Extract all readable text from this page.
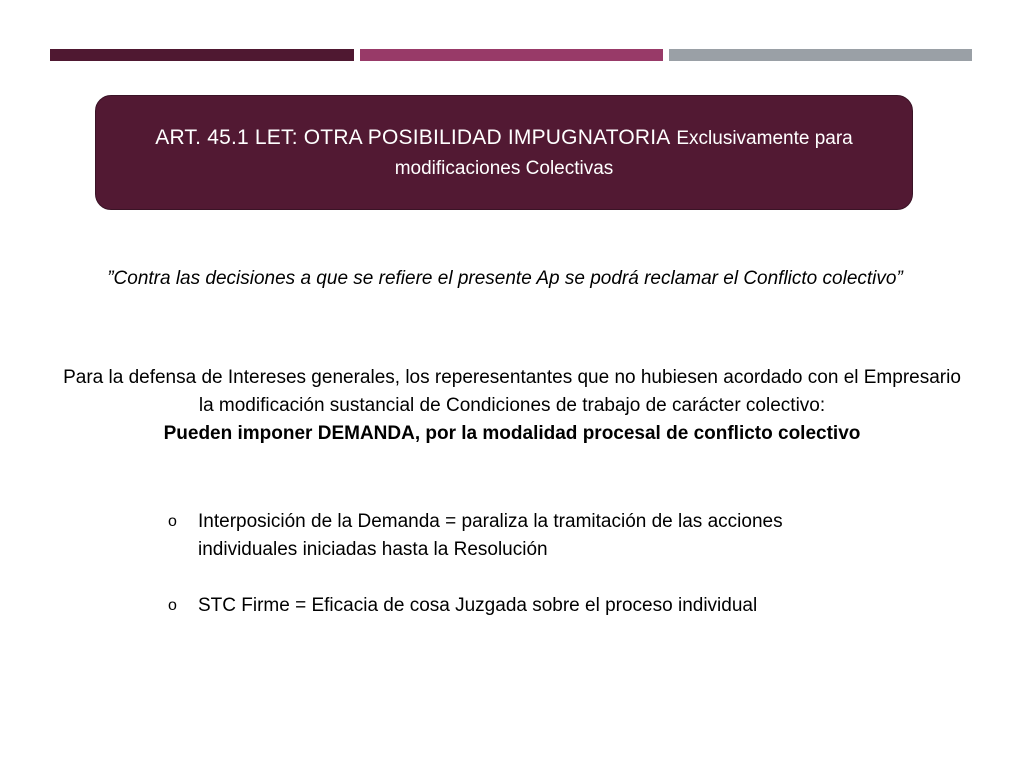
ART. 45.1 LET: OTRA POSIBILIDAD IMPUGNATORIA Exclusivamente para modificaciones Colectivas
”Contra las decisiones a que se refiere el presente Ap se podrá reclamar el Conflicto colectivo”
Para la defensa de Intereses generales, los reperesentantes que no hubiesen acordado con el Empresario la modificación sustancial de Condiciones de trabajo de carácter colectivo:
Pueden imponer DEMANDA, por la modalidad procesal de conflicto colectivo
o Interposición de la Demanda = paraliza la tramitación de las acciones individuales iniciadas hasta la Resolución
o STC Firme = Eficacia de cosa Juzgada sobre el proceso individual
